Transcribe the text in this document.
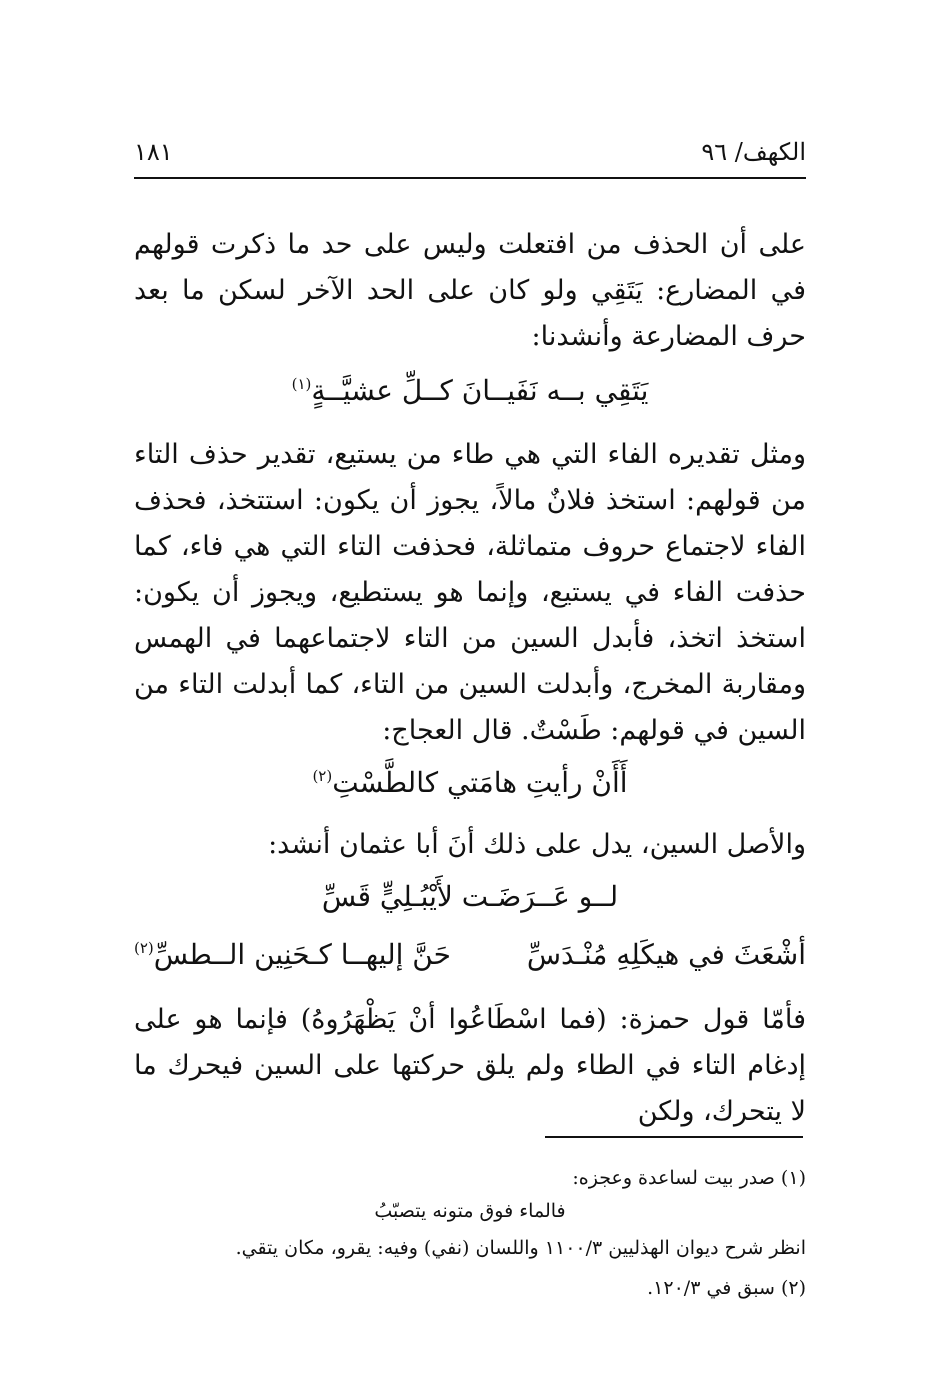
الكهف/ ٩٦
١٨١

على أن الحذف من افتعلت وليس على حد ما ذكرت قولهم في المضارع: يَتَقِي ولو كان على الحد الآخر لسكن ما بعد حرف المضارعة وأنشدنا:

يَتَقِي بــه نَفَيــانَ كــلِّ عشيَّــةٍ$^{(١)}$

ومثل تقديره الفاء التي هي طاء من يستيع، تقدير حذف التاء من قولهم: استخذ فلانٌ مالاً، يجوز أن يكون: استتخذ، فحذف الفاء لاجتماع حروف متماثلة، فحذفت التاء التي هي فاء، كما حذفت الفاء في يستيع، وإنما هو يستطيع، ويجوز أن يكون: استخذ اتخذ، فأبدل السين من التاء لاجتماعهما في الهمس ومقاربة المخرج، وأبدلت السين من التاء، كما أبدلت التاء من السين في قولهم: طَسْتٌ. قال العجاج:

أَأَنْ رأيتِ هامَتي كالطَّسْتِ$^{(٢)}$

والأصل السين، يدل على ذلك أنَ أبا عثمان أنشد:

لــو عَــرَضَـت لأَيْبُـلِيٍّ قَسِّ

أشْعَثَ في هيكَلِهِ مُنْـدَسِّ
حَنَّ إليهــا كـحَنِين الــطسِّ$^{(٢)}$

فأمّا قول حمزة: (فما اسْطَاعُوا أنْ يَظْهَرُوهُ) فإنما هو على إدغام التاء في الطاء ولم يلق حركتها على السين فيحرك ما لا يتحرك، ولكن

(١) صدر بيت لساعدة وعجزه:

فالماء فوق متونه يتصبّبُ

انظر شرح ديوان الهذليين ١١٠٠/٣ واللسان (نفي) وفيه: يقرو، مكان يتقي.

(٢) سبق في ١٢٠/٣.
